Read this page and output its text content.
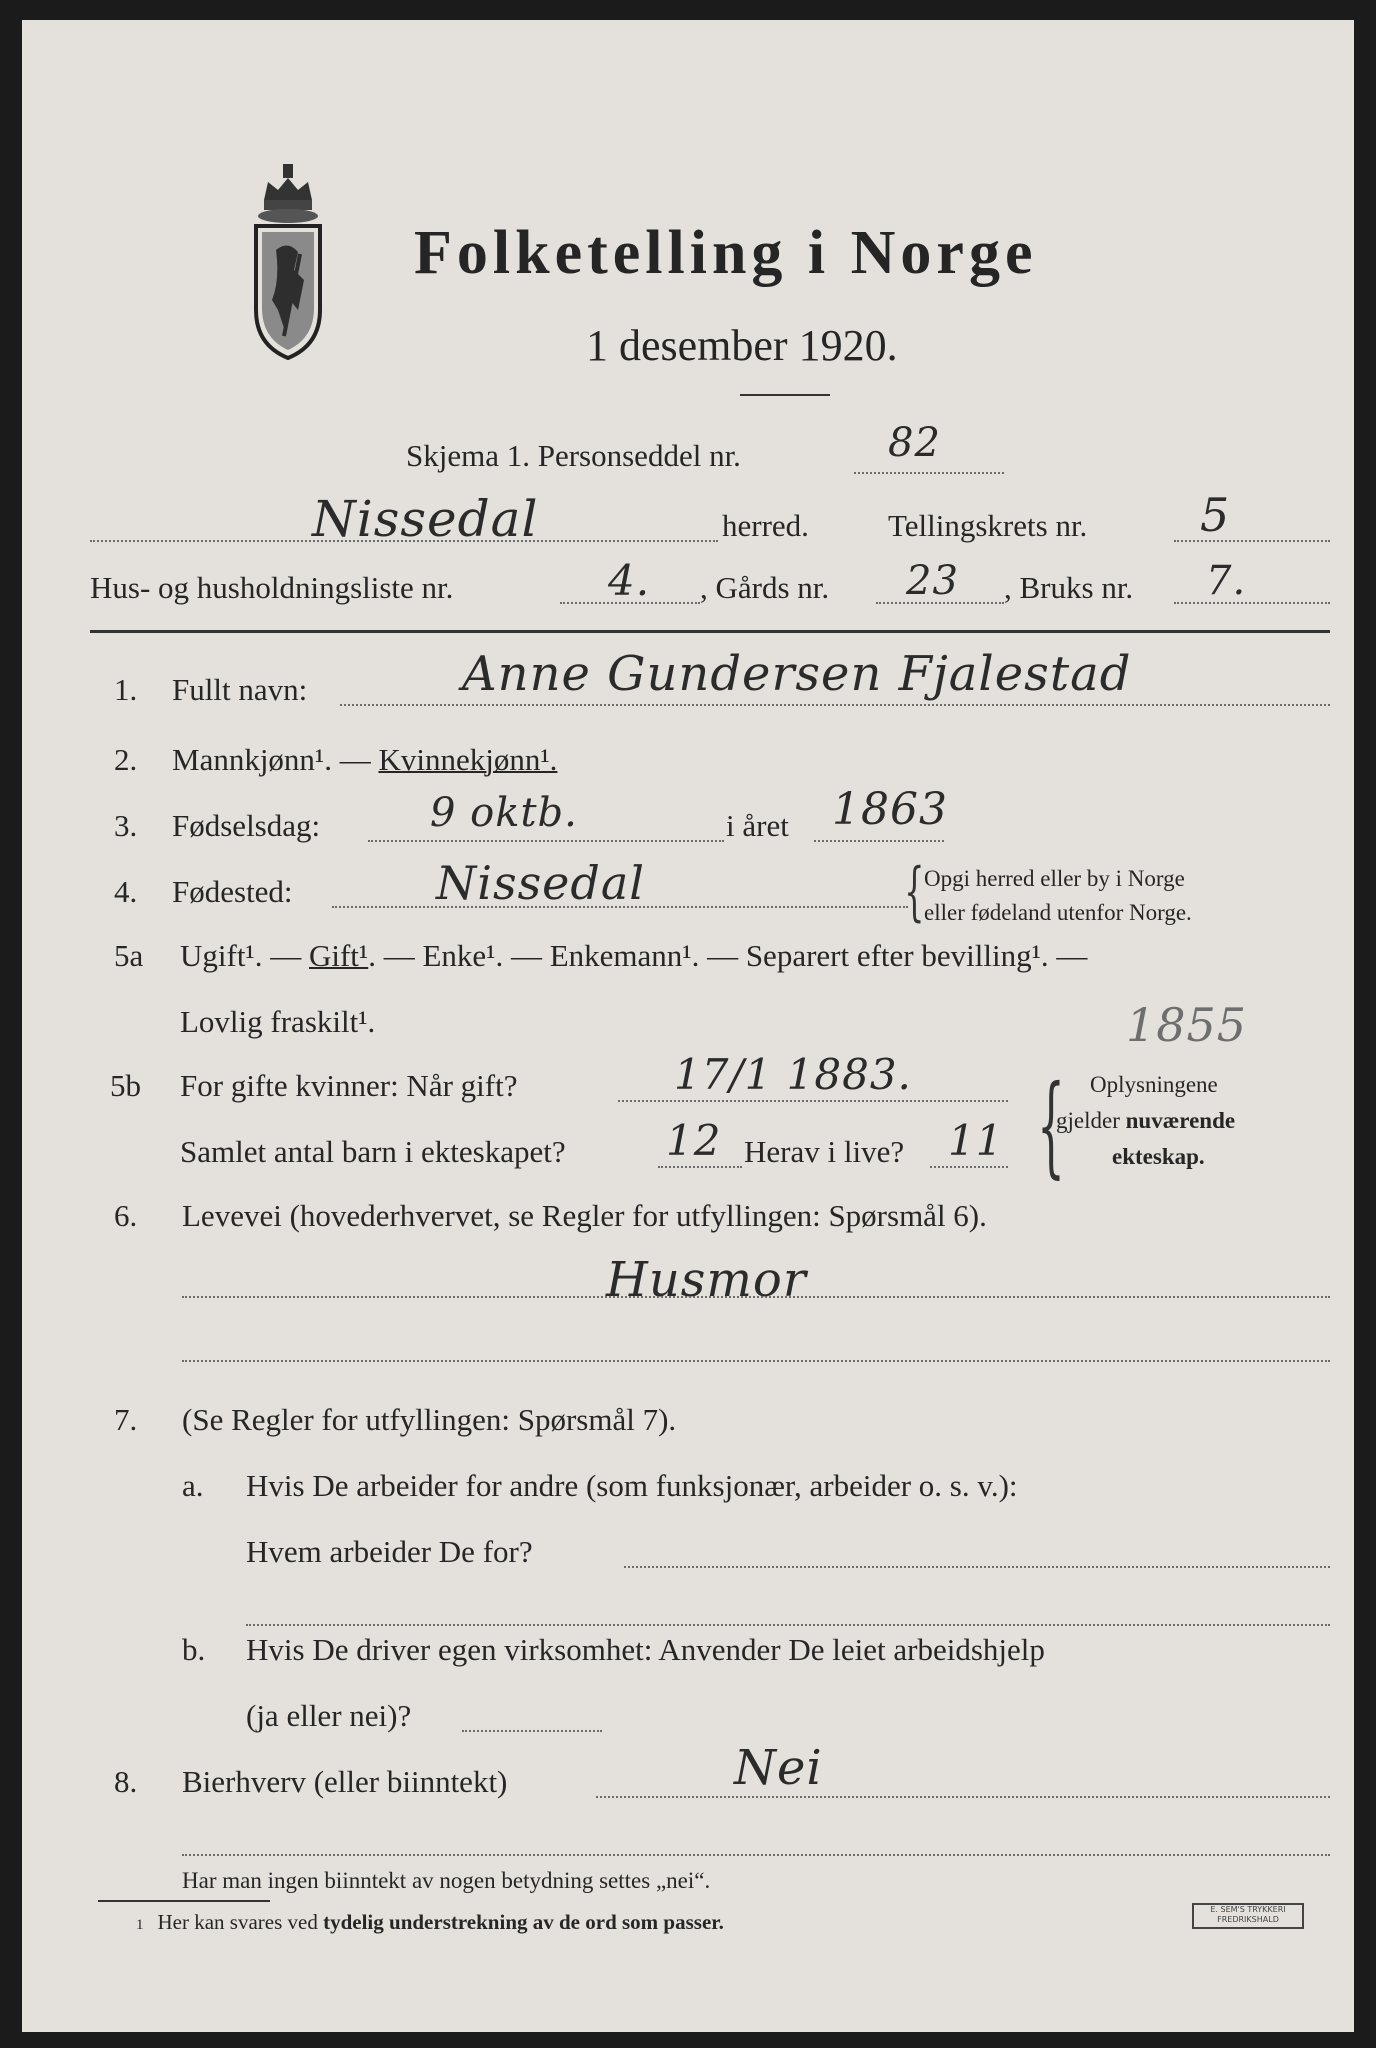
Folketelling i Norge
1 desember 1920.
Skjema 1. Personseddel nr.	82
Nissedal	herred.	Tellingskrets nr. 5
Hus- og husholdningsliste nr.	4. , Gårds nr. 23 , Bruks nr. 7.
1. Fullt navn:	Anne Gundersen Fjalestad
2. Mannkjønn¹. — Kvinnekjønn¹.
3. Fødselsdag:	9 oktb.	i året 1863
4. Fødested:	Nissedal	{ Opgi herred eller by i Norge
eller fødeland utenfor Norge.
5a Ugift¹. — Gift¹. — Enke¹. — Enkemann¹. — Separert efter bevilling¹. —
Lovlig fraskilt¹.	1855
5b For gifte kvinner: Når gift?	17/1 1883.
Samlet antal barn i ekteskapet? 12 Herav i live? 11 { Oplysningene
gjelder nuværende
ekteskap.
6. Levevei (hovederhvervet, se Regler for utfyllingen: Spørsmål 6).
Husmor
7. (Se Regler for utfyllingen: Spørsmål 7).
a. Hvis De arbeider for andre (som funksjonær, arbeider o. s. v.):
Hvem arbeider De for?
b. Hvis De driver egen virksomhet: Anvender De leiet arbeidshjelp
(ja eller nei)?
8. Bierhverv (eller biinntekt)	Nei
Har man ingen biinntekt av nogen betydning settes „nei“.
1 Her kan svares ved tydelig understrekning av de ord som passer.
E. SEM'S TRYKKERI FREDRIKSHALD
